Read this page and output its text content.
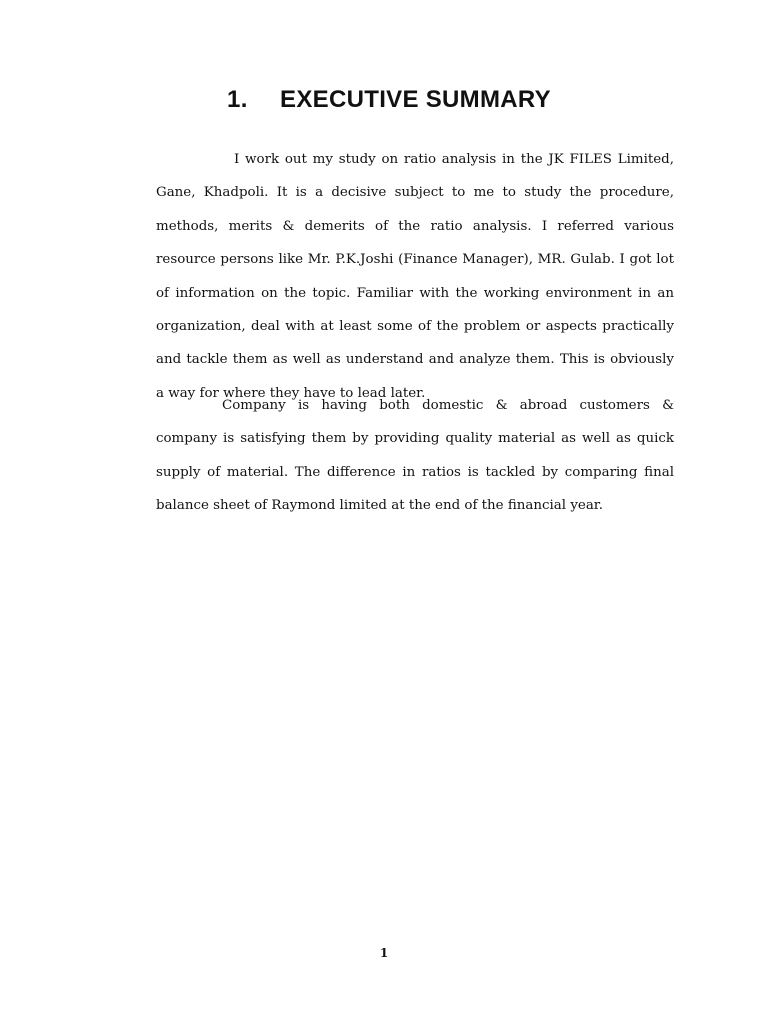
1. EXECUTIVE SUMMARY

I work out my study on ratio analysis in the JK FILES Limited, Gane, Khadpoli. It is a decisive subject to me to study the procedure, methods, merits & demerits of the ratio analysis. I referred various resource persons like Mr. P.K.Joshi (Finance Manager), MR. Gulab. I got lot of information on the topic. Familiar with the working environment in an organization, deal with at least some of the problem or aspects practically and tackle them as well as understand and analyze them. This is obviously a way for where they have to lead later.

Company is having both domestic & abroad customers & company is satisfying them by providing quality material as well as quick supply of material. The difference in ratios is tackled by comparing final balance sheet of Raymond limited at the end of the financial year.

1
